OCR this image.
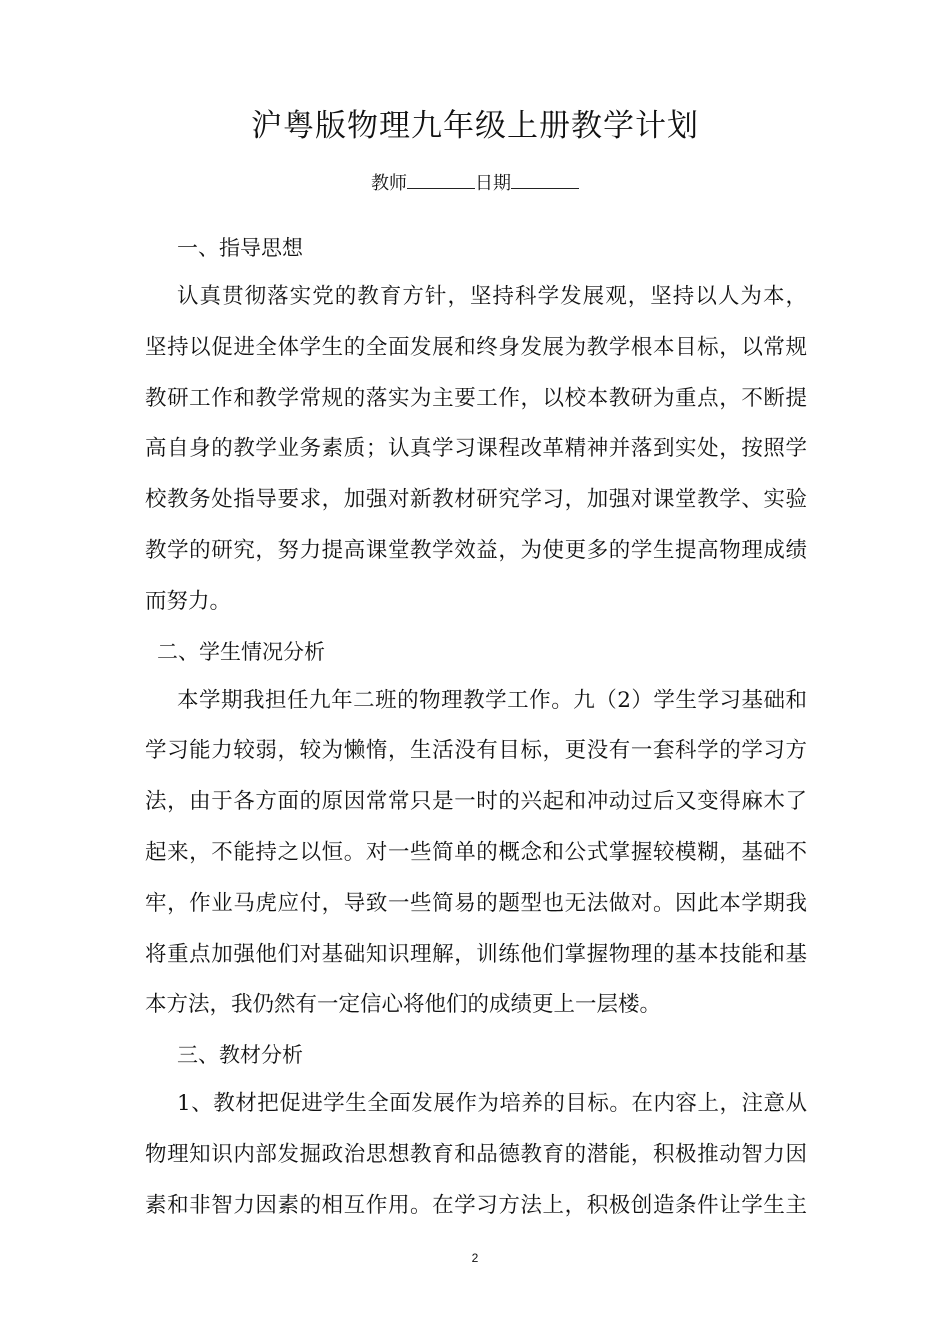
沪粤版物理九年级上册教学计划
教师	日期
一、指导思想
认真贯彻落实党的教育方针，坚持科学发展观，坚持以人为本，
坚持以促进全体学生的全面发展和终身发展为教学根本目标，以常规
教研工作和教学常规的落实为主要工作，以校本教研为重点，不断提
高自身的教学业务素质；认真学习课程改革精神并落到实处，按照学
校教务处指导要求，加强对新教材研究学习，加强对课堂教学、实验
教学的研究，努力提高课堂教学效益，为使更多的学生提高物理成绩
而努力。
二、学生情况分析
本学期我担任九年二班的物理教学工作。九（2）学生学习基础和
学习能力较弱，较为懒惰，生活没有目标，更没有一套科学的学习方
法，由于各方面的原因常常只是一时的兴起和冲动过后又变得麻木了
起来，不能持之以恒。对一些简单的概念和公式掌握较模糊，基础不
牢，作业马虎应付，导致一些简易的题型也无法做对。因此本学期我
将重点加强他们对基础知识理解，训练他们掌握物理的基本技能和基
本方法，我仍然有一定信心将他们的成绩更上一层楼。
三、教材分析
1、教材把促进学生全面发展作为培养的目标。在内容上，注意从
物理知识内部发掘政治思想教育和品德教育的潜能，积极推动智力因
素和非智力因素的相互作用。在学习方法上，积极创造条件让学生主
2
